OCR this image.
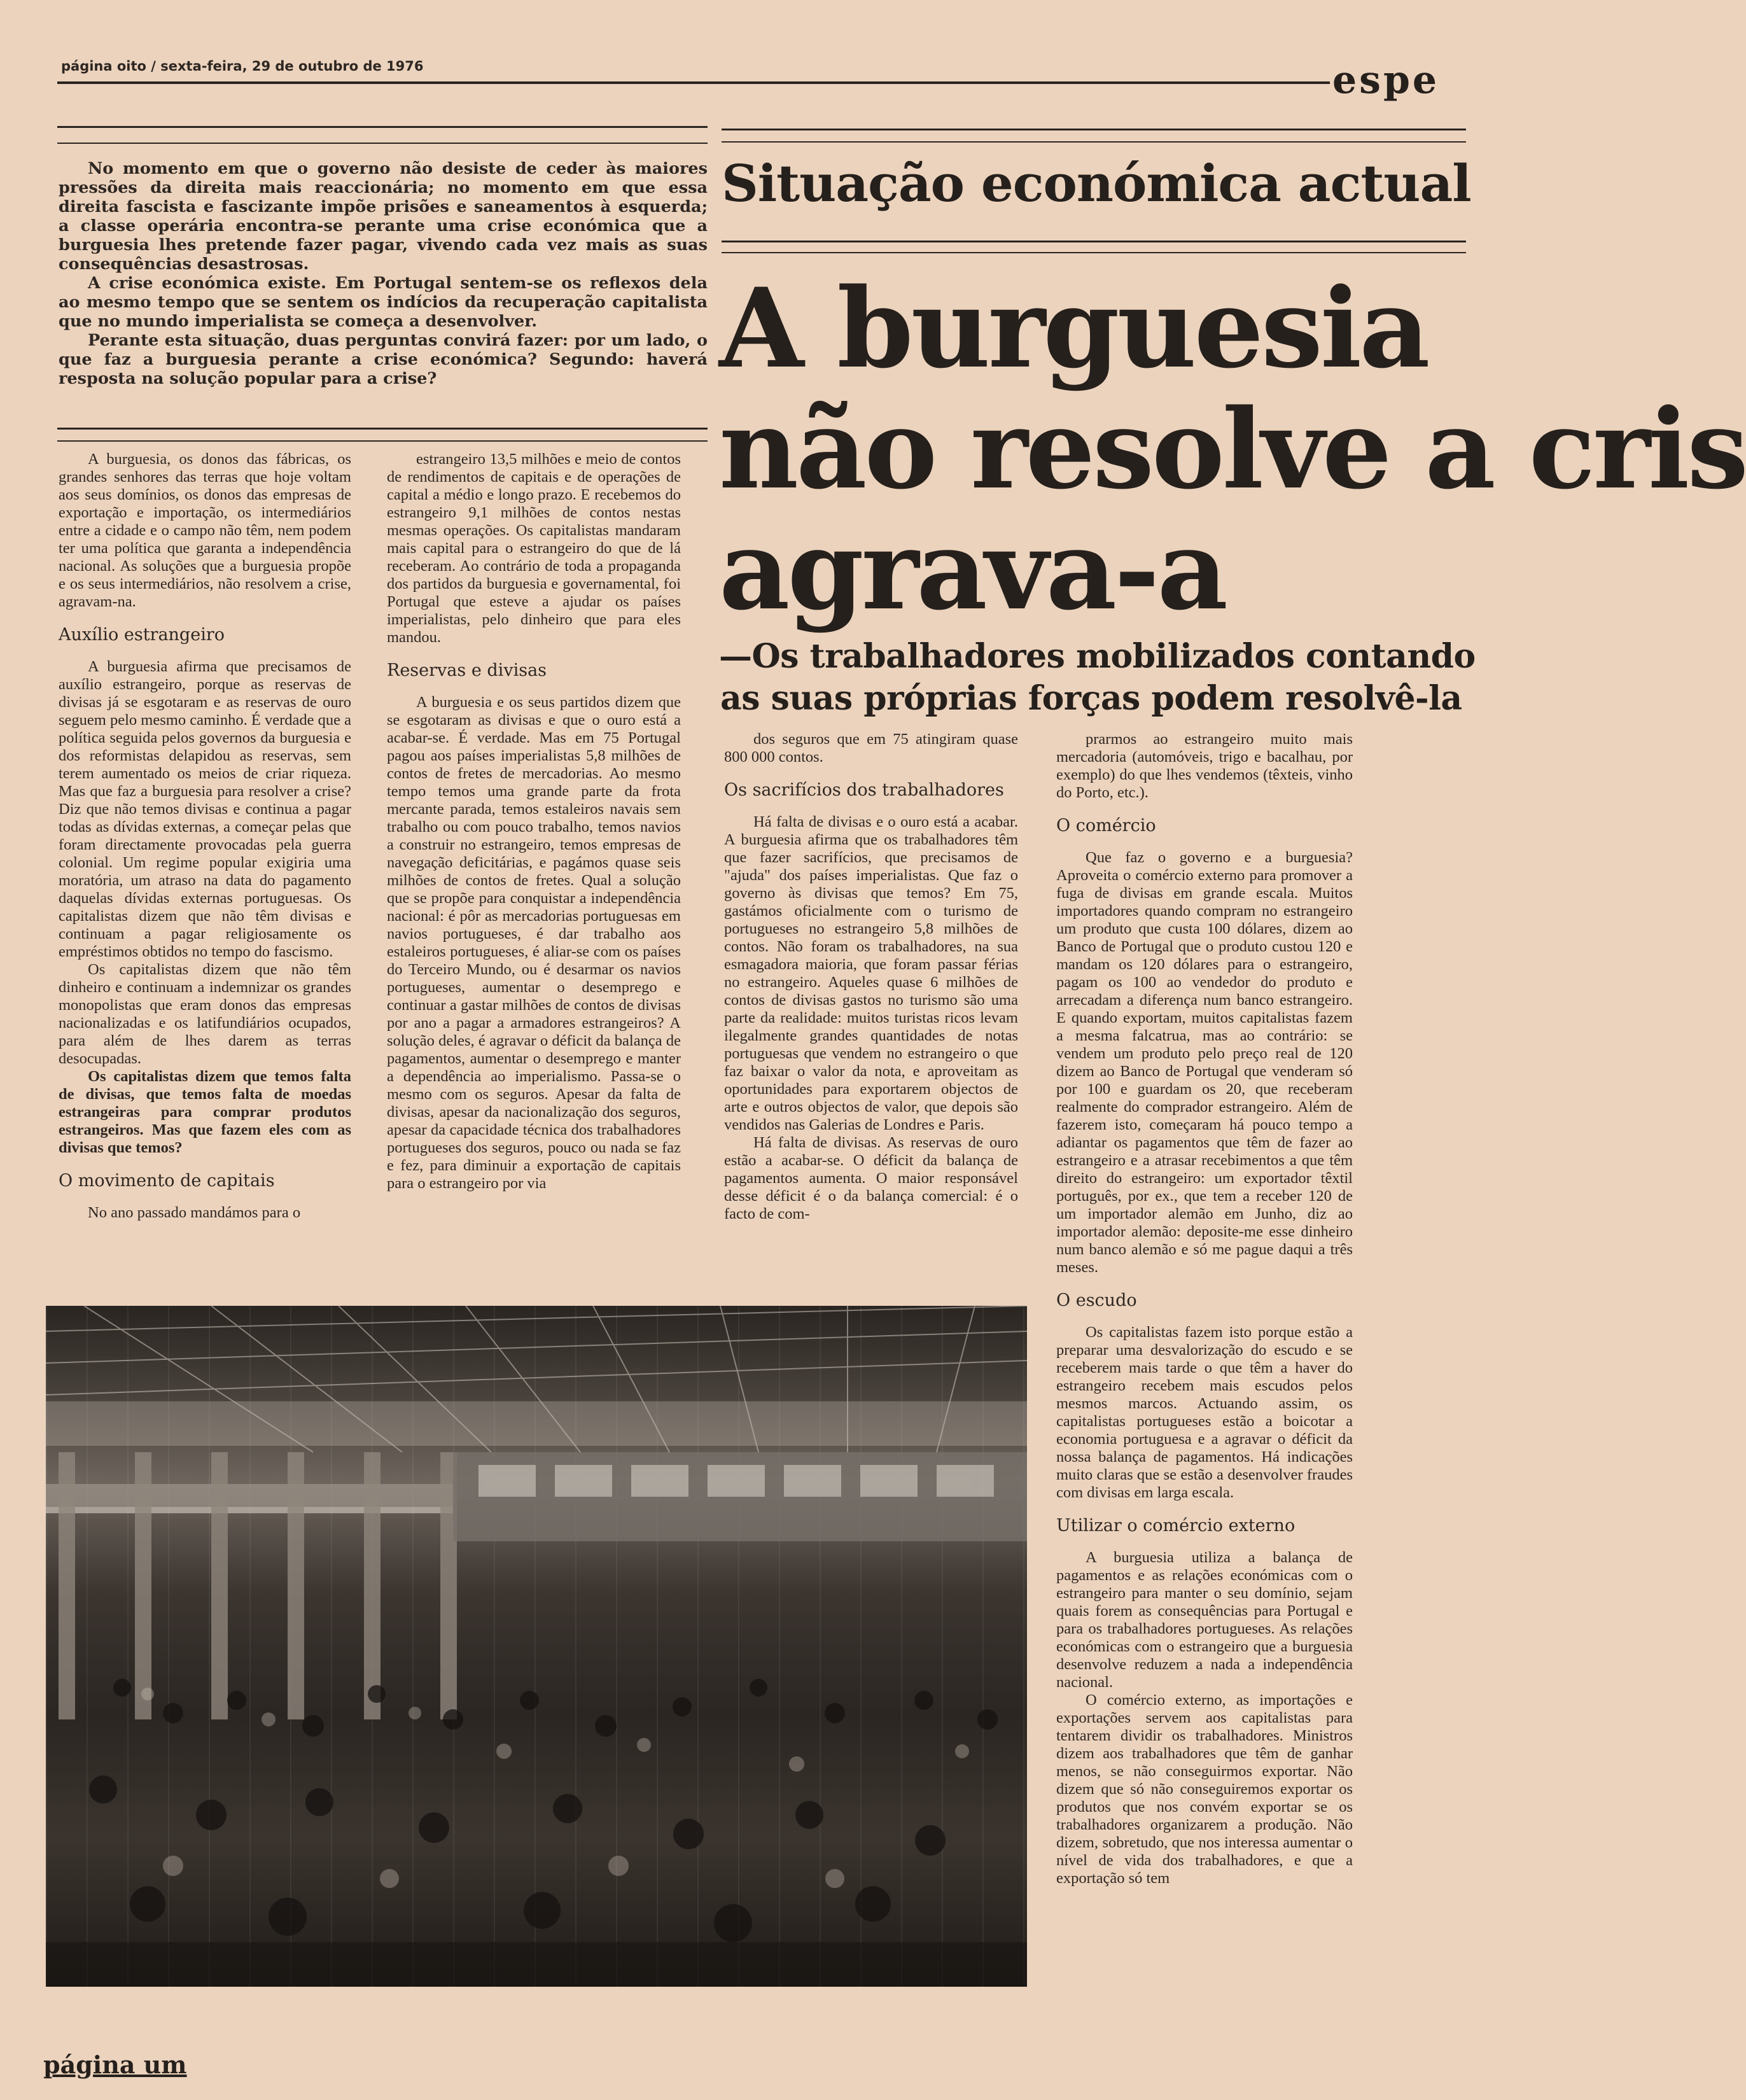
página oito / sexta-feira, 29 de outubro de 1976	espe

No momento em que o governo não desiste de ceder às maiores pressões da direita mais reaccionária; no momento em que essa direita fascista e fascizante impõe prisões e saneamentos à esquerda; a classe operária encontra-se perante uma crise económica que a burguesia lhes pretende fazer pagar, vivendo cada vez mais as suas consequências desastrosas.

A crise económica existe. Em Portugal sentem-se os reflexos dela ao mesmo tempo que se sentem os indícios da recuperação capitalista que no mundo imperialista se começa a desenvolver.

Perante esta situação, duas perguntas convirá fazer: por um lado, o que faz a burguesia perante a crise económica? Segundo: haverá resposta na solução popular para a crise?

Situação económica actual
A burguesia
não resolve a cris
agrava-a
—Os trabalhadores mobilizados contando
as suas próprias forças podem resolvê-la

A burguesia, os donos das fábricas, os grandes senhores das terras que hoje voltam aos seus domínios, os donos das empresas de exportação e importação, os intermediários entre a cidade e o campo não têm, nem podem ter uma política que garanta a independência nacional. As soluções que a burguesia propõe e os seus intermediários, não resolvem a crise, agravam-na.

Auxílio estrangeiro

A burguesia afirma que precisamos de auxílio estrangeiro, porque as reservas de divisas já se esgotaram e as reservas de ouro seguem pelo mesmo caminho. É verdade que a política seguida pelos governos da burguesia e dos reformistas delapidou as reservas, sem terem aumentado os meios de criar riqueza. Mas que faz a burguesia para resolver a crise? Diz que não temos divisas e continua a pagar todas as dívidas externas, a começar pelas que foram directamente provocadas pela guerra colonial. Um regime popular exigiria uma moratória, um atraso na data do pagamento daquelas dívidas externas portuguesas. Os capitalistas dizem que não têm divisas e continuam a pagar religiosamente os empréstimos obtidos no tempo do fascismo.

Os capitalistas dizem que não têm dinheiro e continuam a indemnizar os grandes monopolistas que eram donos das empresas nacionalizadas e os latifundiários ocupados, para além de lhes darem as terras desocupadas.

Os capitalistas dizem que temos falta de divisas, que temos falta de moedas estrangeiras para comprar produtos estrangeiros. Mas que fazem eles com as divisas que temos?

O movimento de capitais

No ano passado mandámos para o

estrangeiro 13,5 milhões e meio de contos de rendimentos de capitais e de operações de capital a médio e longo prazo. E recebemos do estrangeiro 9,1 milhões de contos nestas mesmas operações. Os capitalistas mandaram mais capital para o estrangeiro do que de lá receberam. Ao contrário de toda a propaganda dos partidos da burguesia e governamental, foi Portugal que esteve a ajudar os países imperialistas, pelo dinheiro que para eles mandou.

Reservas e divisas

A burguesia e os seus partidos dizem que se esgotaram as divisas e que o ouro está a acabar-se. É verdade. Mas em 75 Portugal pagou aos países imperialistas 5,8 milhões de contos de fretes de mercadorias. Ao mesmo tempo temos uma grande parte da frota mercante parada, temos estaleiros navais sem trabalho ou com pouco trabalho, temos navios a construir no estrangeiro, temos empresas de navegação deficitárias, e pagámos quase seis milhões de contos de fretes. Qual a solução que se propõe para conquistar a independência nacional: é pôr as mercadorias portuguesas em navios portugueses, é dar trabalho aos estaleiros portugueses, é aliar-se com os países do Terceiro Mundo, ou é desarmar os navios portugueses, aumentar o desemprego e continuar a gastar milhões de contos de divisas por ano a pagar a armadores estrangeiros? A solução deles, é agravar o déficit da balança de pagamentos, aumentar o desemprego e manter a dependência ao imperialismo. Passa-se o mesmo com os seguros. Apesar da falta de divisas, apesar da nacionalização dos seguros, apesar da capacidade técnica dos trabalhadores portugueses dos seguros, pouco ou nada se faz e fez, para diminuir a exportação de capitais para o estrangeiro por via

dos seguros que em 75 atingiram quase 800 000 contos.

Os sacrifícios dos trabalhadores

Há falta de divisas e o ouro está a acabar. A burguesia afirma que os trabalhadores têm que fazer sacrifícios, que precisamos de "ajuda" dos países imperialistas. Que faz o governo às divisas que temos? Em 75, gastámos oficialmente com o turismo de portugueses no estrangeiro 5,8 milhões de contos. Não foram os trabalhadores, na sua esmagadora maioria, que foram passar férias no estrangeiro. Aqueles quase 6 milhões de contos de divisas gastos no turismo são uma parte da realidade: muitos turistas ricos levam ilegalmente grandes quantidades de notas portuguesas que vendem no estrangeiro o que faz baixar o valor da nota, e aproveitam as oportunidades para exportarem objectos de arte e outros objectos de valor, que depois são vendidos nas Galerias de Londres e Paris.

Há falta de divisas. As reservas de ouro estão a acabar-se. O déficit da balança de pagamentos aumenta. O maior responsável desse déficit é o da balança comercial: é o facto de com-

prarmos ao estrangeiro muito mais mercadoria (automóveis, trigo e bacalhau, por exemplo) do que lhes vendemos (têxteis, vinho do Porto, etc.).

O comércio

Que faz o governo e a burguesia? Aproveita o comércio externo para promover a fuga de divisas em grande escala. Muitos importadores quando compram no estrangeiro um produto que custa 100 dólares, dizem ao Banco de Portugal que o produto custou 120 e mandam os 120 dólares para o estrangeiro, pagam os 100 ao vendedor do produto e arrecadam a diferença num banco estrangeiro. E quando exportam, muitos capitalistas fazem a mesma falcatrua, mas ao contrário: se vendem um produto pelo preço real de 120 dizem ao Banco de Portugal que venderam só por 100 e guardam os 20, que receberam realmente do comprador estrangeiro. Além de fazerem isto, começaram há pouco tempo a adiantar os pagamentos que têm de fazer ao estrangeiro e a atrasar recebimentos a que têm direito do estrangeiro: um exportador têxtil português, por ex., que tem a receber 120 de um importador alemão em Junho, diz ao importador alemão: deposite-me esse dinheiro num banco alemão e só me pague daqui a três meses.

O escudo

Os capitalistas fazem isto porque estão a preparar uma desvalorização do escudo e se receberem mais tarde o que têm a haver do estrangeiro recebem mais escudos pelos mesmos marcos. Actuando assim, os capitalistas portugueses estão a boicotar a economia portuguesa e a agravar o déficit da nossa balança de pagamentos. Há indicações muito claras que se estão a desenvolver fraudes com divisas em larga escala.

Utilizar o comércio externo

A burguesia utiliza a balança de pagamentos e as relações económicas com o estrangeiro para manter o seu domínio, sejam quais forem as consequências para Portugal e para os trabalhadores portugueses. As relações económicas com o estrangeiro que a burguesia desenvolve reduzem a nada a independência nacional.

O comércio externo, as importações e exportações servem aos capitalistas para tentarem dividir os trabalhadores. Ministros dizem aos trabalhadores que têm de ganhar menos, se não conseguirmos exportar. Não dizem que só não conseguiremos exportar os produtos que nos convém exportar se os trabalhadores organizarem a produção. Não dizem, sobretudo, que nos interessa aumentar o nível de vida dos trabalhadores, e que a exportação só tem

página um
